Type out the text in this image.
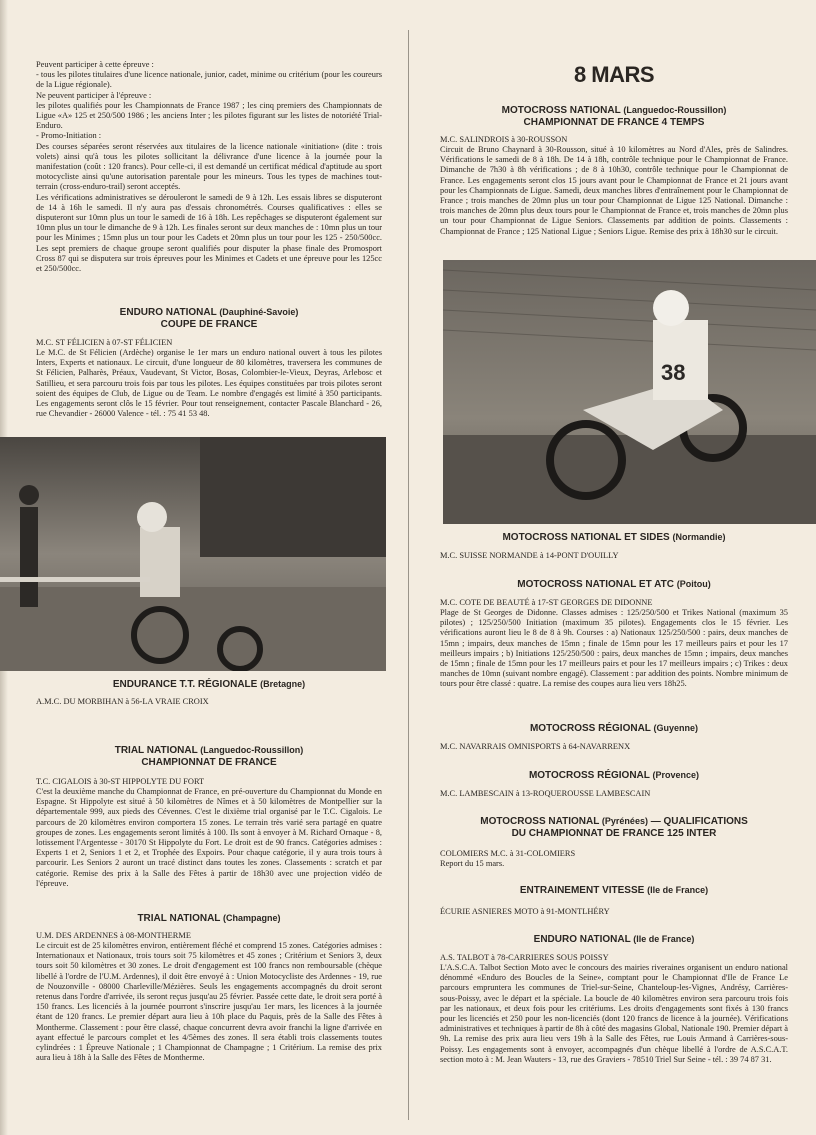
Peuvent participer à cette épreuve :
- tous les pilotes titulaires d'une licence nationale, junior, cadet, minime ou critérium (pour les coureurs de la Ligue régionale).
Ne peuvent participer à l'épreuve :
les pilotes qualifiés pour les Championnats de France 1987 ; les cinq premiers des Championnats de Ligue «A» 125 et 250/500 1986 ; les anciens Inter ; les pilotes figurant sur les listes de notoriété Trial-Enduro.
- Promo-Initiation :
Des courses séparées seront réservées aux titulaires de la licence nationale «initiation» (dite : trois volets) ainsi qu'à tous les pilotes sollicitant la délivrance d'une licence à la journée pour la manifestation (coût : 120 francs). Pour celle-ci, il est demandé un certificat médical d'aptitude au sport motocycliste ainsi qu'une autorisation parentale pour les mineurs. Tous les types de machines tout-terrain (cross-enduro-trail) seront acceptés.
Les vérifications administratives se dérouleront le samedi de 9 à 12h. Les essais libres se disputeront de 14 à 16h le samedi. Il n'y aura pas d'essais chronométrés. Courses qualificatives : elles se disputeront sur 10mn plus un tour le samedi de 16 à 18h. Les repêchages se disputeront également sur 10mn plus un tour le dimanche de 9 à 12h. Les finales seront sur deux manches de : 10mn plus un tour pour les Minimes ; 15mn plus un tour pour les Cadets et 20mn plus un tour pour les 125 - 250/500cc. Les sept premiers de chaque groupe seront qualifiés pour disputer la phase finale des Promosport Cross 87 qui se disputera sur trois épreuves pour les Minimes et Cadets et une épreuve pour les 125cc et 250/500cc.

ENDURO NATIONAL (Dauphiné-Savoie)

COUPE DE FRANCE

M.C. ST FÉLICIEN à 07-ST FÉLICIEN

Le M.C. de St Félicien (Ardèche) organise le 1er mars un enduro national ouvert à tous les pilotes Inters, Experts et nationaux. Le circuit, d'une longueur de 80 kilomètres, traversera les communes de St Félicien, Palharès, Préaux, Vaudevant, St Victor, Bosas, Colombier-le-Vieux, Deyras, Arlebosc et Satillieu, et sera parcouru trois fois par tous les pilotes. Les équipes constituées par trois pilotes seront soient des équipes de Club, de Ligue ou de Team. Le nombre d'engagés est limité à 350 participants. Les engagements seront clôs le 15 février. Pour tout renseignement, contacter Pascale Blanchard - 26, rue Chevandier - 26000 Valence - tél. : 75 41 53 48.

ENDURANCE T.T. RÉGIONALE (Bretagne)

A.M.C. DU MORBIHAN à 56-LA VRAIE CROIX

TRIAL NATIONAL (Languedoc-Roussillon)

CHAMPIONNAT DE FRANCE

T.C. CIGALOIS à 30-ST HIPPOLYTE DU FORT

C'est la deuxième manche du Championnat de France, en pré-ouverture du Championnat du Monde en Espagne. St Hippolyte est situé à 50 kilomètres de Nîmes et à 50 kilomètres de Montpellier sur la départementale 999, aux pieds des Cévennes. C'est le dixième trial organisé par le T.C. Cigalois. Le parcours de 20 kilomètres environ comportera 15 zones. Le terrain très varié sera partagé en quatre groupes de zones. Les engagements seront limités à 100. Ils sont à envoyer à M. Richard Ornaque - 8, lotissement l'Argentesse - 30170 St Hippolyte du Fort. Le droit est de 90 francs. Catégories admises : Experts 1 et 2, Seniors 1 et 2, et Trophée des Expoirs. Pour chaque catégorie, il y aura trois tours à parcourir. Les Seniors 2 auront un tracé distinct dans toutes les zones. Classements : scratch et par catégorie. Remise des prix à la Salle des Fêtes à partir de 18h30 avec une projection vidéo de l'épreuve.

TRIAL NATIONAL (Champagne)

U.M. DES ARDENNES à 08-MONTHERME

Le circuit est de 25 kilomètres environ, entièrement fléché et comprend 15 zones. Catégories admises : Internationaux et Nationaux, trois tours soit 75 kilomètres et 45 zones ; Critérium et Seniors 3, deux tours soit 50 kilomètres et 30 zones. Le droit d'engagement est 100 francs non remboursable (chèque libellé à l'ordre de l'U.M. Ardennes), il doit être envoyé à : Union Motocycliste des Ardennes - 19, rue de Nouzonville - 08000 Charleville/Mézières. Seuls les engagements accompagnés du droit seront retenus dans l'ordre d'arrivée, ils seront reçus jusqu'au 25 février. Passée cette date, le droit sera porté à 150 francs. Les licenciés à la journée pourront s'inscrire jusqu'au 1er mars, les licences à la journée étant de 120 francs. Le premier départ aura lieu à 10h place du Paquis, près de la Salle des Fêtes à Montherme. Classement : pour être classé, chaque concurrent devra avoir franchi la ligne d'arrivée en ayant effectué le parcours complet et les 4/5èmes des zones. Il sera établi trois classements toutes cylindrées : 1 Épreuve Nationale ; 1 Championnat de Champagne ; 1 Critérium. La remise des prix aura lieu à 18h à la Salle des Fêtes de Montherme.

8 MARS

MOTOCROSS NATIONAL (Languedoc-Roussillon)

CHAMPIONNAT DE FRANCE 4 TEMPS

M.C. SALINDROIS à 30-ROUSSON

Circuit de Bruno Chaynard à 30-Rousson, situé à 10 kilomètres au Nord d'Ales, près de Salindres. Vérifications le samedi de 8 à 18h. De 14 à 18h, contrôle technique pour le Championnat de France. Dimanche de 7h30 à 8h vérifications ; de 8 à 10h30, contrôle technique pour le Championnat de France. Les engagements seront clos 15 jours avant pour le Championnat de France et 21 jours avant pour les Championnats de Ligue. Samedi, deux manches libres d'entraînement pour le Championnat de France ; trois manches de 20mn plus un tour pour Championnat de Ligue 125 National. Dimanche : trois manches de 20mn plus deux tours pour le Championnat de France et, trois manches de 20mn plus un tour pour Championnat de Ligue Seniors. Classements par addition de points. Classements : Championnat de France ; 125 National Ligue ; Seniors Ligue. Remise des prix à 18h30 sur le circuit.

38

MOTOCROSS NATIONAL ET SIDES (Normandie)

M.C. SUISSE NORMANDE à 14-PONT D'OUILLY

MOTOCROSS NATIONAL ET ATC (Poitou)

M.C. COTE DE BEAUTÉ à 17-ST GEORGES DE DIDONNE

Plage de St Georges de Didonne. Classes admises : 125/250/500 et Trikes National (maximum 35 pilotes) ; 125/250/500 Initiation (maximum 35 pilotes). Engagements clos le 15 février. Les vérifications auront lieu le 8 de 8 à 9h. Courses : a) Nationaux 125/250/500 : pairs, deux manches de 15mn ; impairs, deux manches de 15mn ; finale de 15mn pour les 17 meilleurs pairs et pour les 17 meilleurs impairs ; b) Initiations 125/250/500 : pairs, deux manches de 15mn ; impairs, deux manches de 15mn ; finale de 15mn pour les 17 meilleurs pairs et pour les 17 meilleurs impairs ; c) Trikes : deux manches de 10mn (suivant nombre engagé). Classement : par addition des points. Nombre minimum de tours pour être classé : quatre. La remise des coupes aura lieu vers 18h25.

MOTOCROSS RÉGIONAL (Guyenne)

M.C. NAVARRAIS OMNISPORTS à 64-NAVARRENX

MOTOCROSS RÉGIONAL (Provence)

M.C. LAMBESCAIN à 13-ROQUEROUSSE LAMBESCAIN

MOTOCROSS NATIONAL (Pyrénées) — QUALIFICATIONS

DU CHAMPIONNAT DE FRANCE 125 INTER

COLOMIERS M.C. à 31-COLOMIERS

Report du 15 mars.

ENTRAINEMENT VITESSE (Ile de France)

ÉCURIE ASNIERES MOTO à 91-MONTLHÉRY

ENDURO NATIONAL (Ile de France)

A.S. TALBOT à 78-CARRIERES SOUS POISSY

L'A.S.C.A. Talbot Section Moto avec le concours des mairies riveraines organisent un enduro national dénommé «Enduro des Boucles de la Seine», comptant pour le Championnat d'Ile de France Le parcours empruntera les communes de Triel-sur-Seine, Chanteloup-les-Vignes, Andrésy, Carrières-sous-Poissy, avec le départ et la spéciale. La boucle de 40 kilomètres environ sera parcouru trois fois par les nationaux, et deux fois pour les critériums. Les droits d'engagements sont fixés à 130 francs pour les licenciés et 250 pour les non-licenciés (dont 120 francs de licence à la journée). Vérifications administratives et techniques à partir de 8h à côté des magasins Global, Nationale 190. Premier départ à 9h. La remise des prix aura lieu vers 19h à la Salle des Fêtes, rue Louis Armand à Carrières-sous-Poissy. Les engagements sont à envoyer, accompagnés d'un chèque libellé à l'ordre de A.S.C.A.T. section moto à : M. Jean Wauters - 13, rue des Graviers - 78510 Triel Sur Seine - tél. : 39 74 87 31.
